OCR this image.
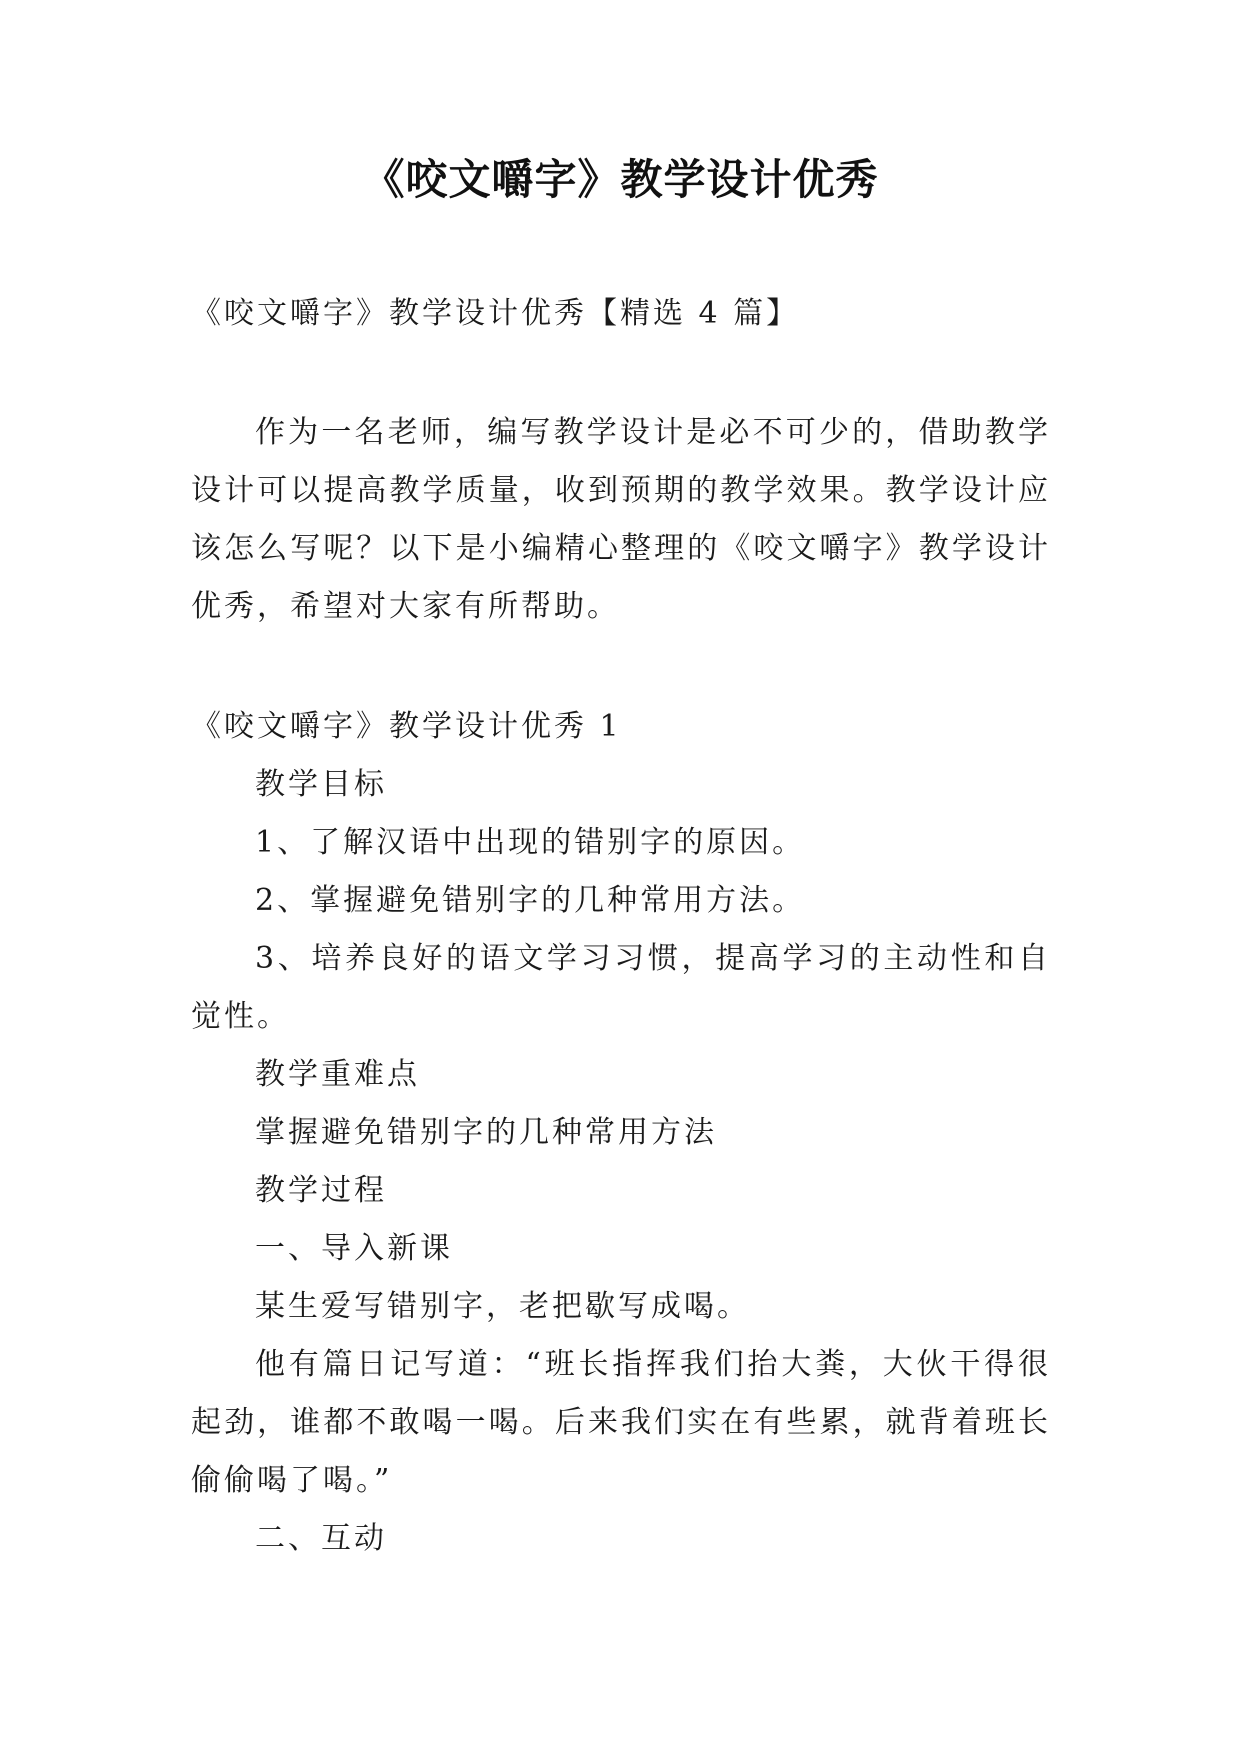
《咬文嚼字》教学设计优秀
《咬文嚼字》教学设计优秀【精选 4 篇】
作为一名老师，编写教学设计是必不可少的，借助教学设计可以提高教学质量，收到预期的教学效果。教学设计应该怎么写呢？以下是小编精心整理的《咬文嚼字》教学设计优秀，希望对大家有所帮助。
《咬文嚼字》教学设计优秀 1
教学目标
1、了解汉语中出现的错别字的原因。
2、掌握避免错别字的几种常用方法。
3、培养良好的语文学习习惯，提高学习的主动性和自觉性。
教学重难点
掌握避免错别字的几种常用方法
教学过程
一、导入新课
某生爱写错别字，老把歇写成喝。
他有篇日记写道：“班长指挥我们抬大粪，大伙干得很起劲，谁都不敢喝一喝。后来我们实在有些累，就背着班长偷偷喝了喝。”
二、互动
